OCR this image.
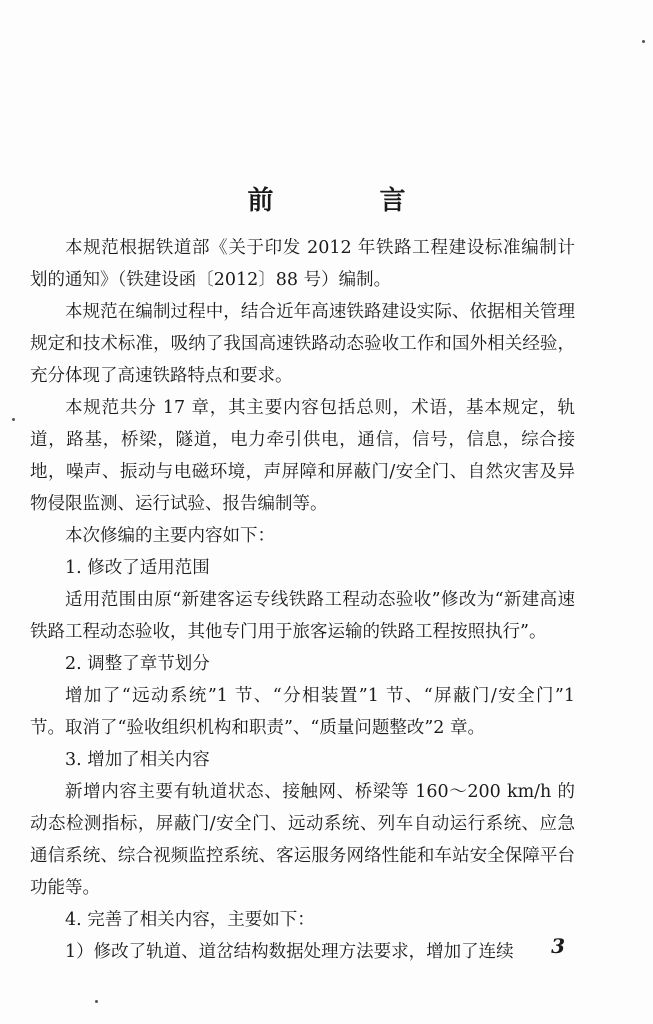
前　言

本规范根据铁道部《关于印发 2012 年铁路工程建设标准编制计划的通知》（铁建设函〔2012〕88 号）编制。

本规范在编制过程中，结合近年高速铁路建设实际、依据相关管理规定和技术标准，吸纳了我国高速铁路动态验收工作和国外相关经验，充分体现了高速铁路特点和要求。

本规范共分 17 章，其主要内容包括总则，术语，基本规定，轨道，路基，桥梁，隧道，电力牵引供电，通信，信号，信息，综合接地，噪声、振动与电磁环境，声屏障和屏蔽门/安全门、自然灾害及异物侵限监测、运行试验、报告编制等。

本次修编的主要内容如下：

1. 修改了适用范围

适用范围由原“新建客运专线铁路工程动态验收”修改为“新建高速铁路工程动态验收，其他专门用于旅客运输的铁路工程按照执行”。

2. 调整了章节划分

增加了“远动系统”1 节、“分相装置”1 节、“屏蔽门/安全门”1 节。取消了“验收组织机构和职责”、“质量问题整改”2 章。

3. 增加了相关内容

新增内容主要有轨道状态、接触网、桥梁等 160～200 km/h 的动态检测指标，屏蔽门/安全门、远动系统、列车自动运行系统、应急通信系统、综合视频监控系统、客运服务网络性能和车站安全保障平台功能等。

4. 完善了相关内容，主要如下：

1）修改了轨道、道岔结构数据处理方法要求，增加了连续	3
